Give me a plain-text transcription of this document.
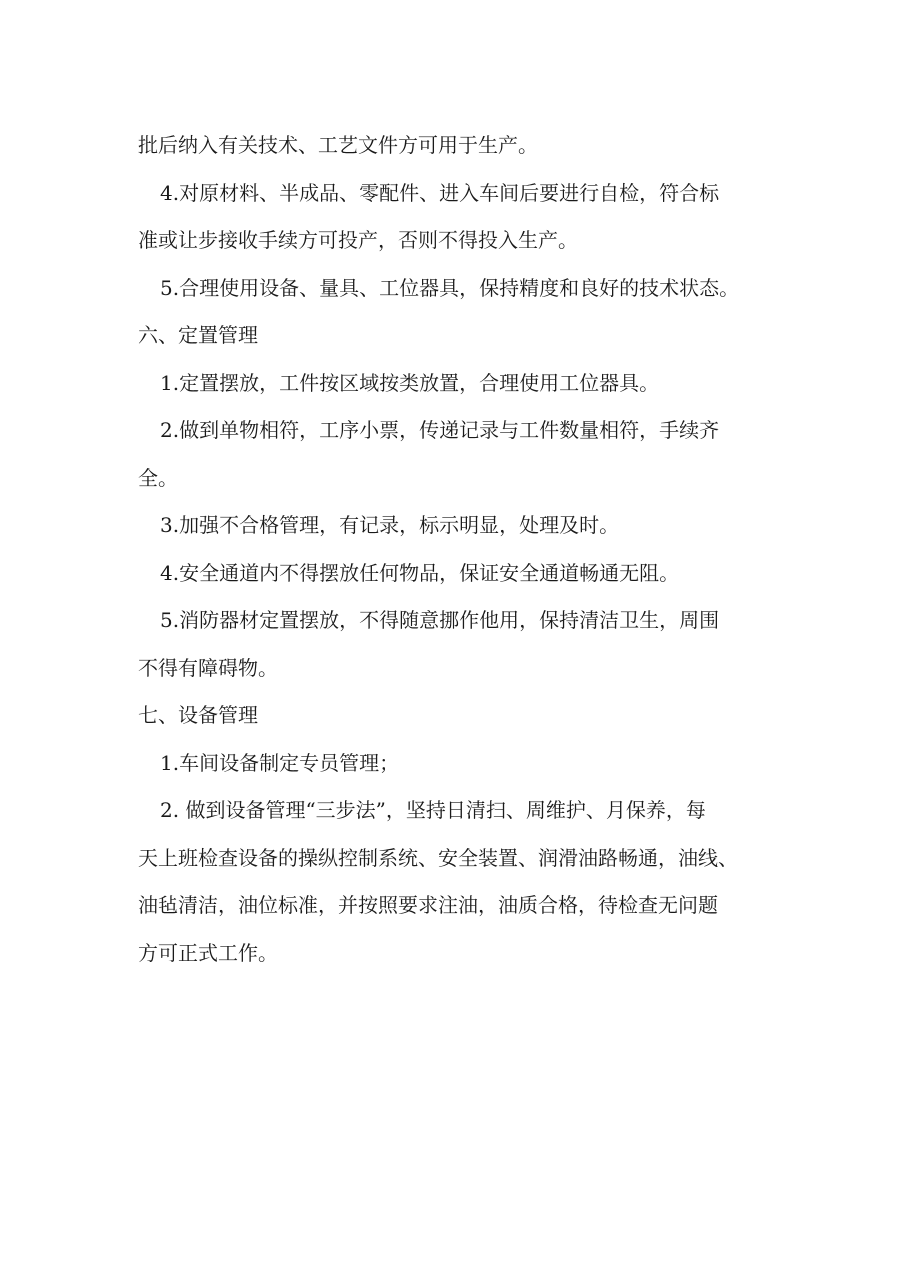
批后纳入有关技术、工艺文件方可用于生产。
4.对原材料、半成品、零配件、进入车间后要进行自检，符合标
准或让步接收手续方可投产，否则不得投入生产。
5.合理使用设备、量具、工位器具，保持精度和良好的技术状态。
六、定置管理
1.定置摆放，工件按区域按类放置，合理使用工位器具。
2.做到单物相符，工序小票，传递记录与工件数量相符，手续齐
全。
3.加强不合格管理，有记录，标示明显，处理及时。
4.安全通道内不得摆放任何物品，保证安全通道畅通无阻。
5.消防器材定置摆放，不得随意挪作他用，保持清洁卫生，周围
不得有障碍物。
七、设备管理
1.车间设备制定专员管理；
2. 做到设备管理“三步法”，坚持日清扫、周维护、月保养，每
天上班检查设备的操纵控制系统、安全装置、润滑油路畅通，油线、
油毡清洁，油位标准，并按照要求注油，油质合格，待检查无问题
方可正式工作。
